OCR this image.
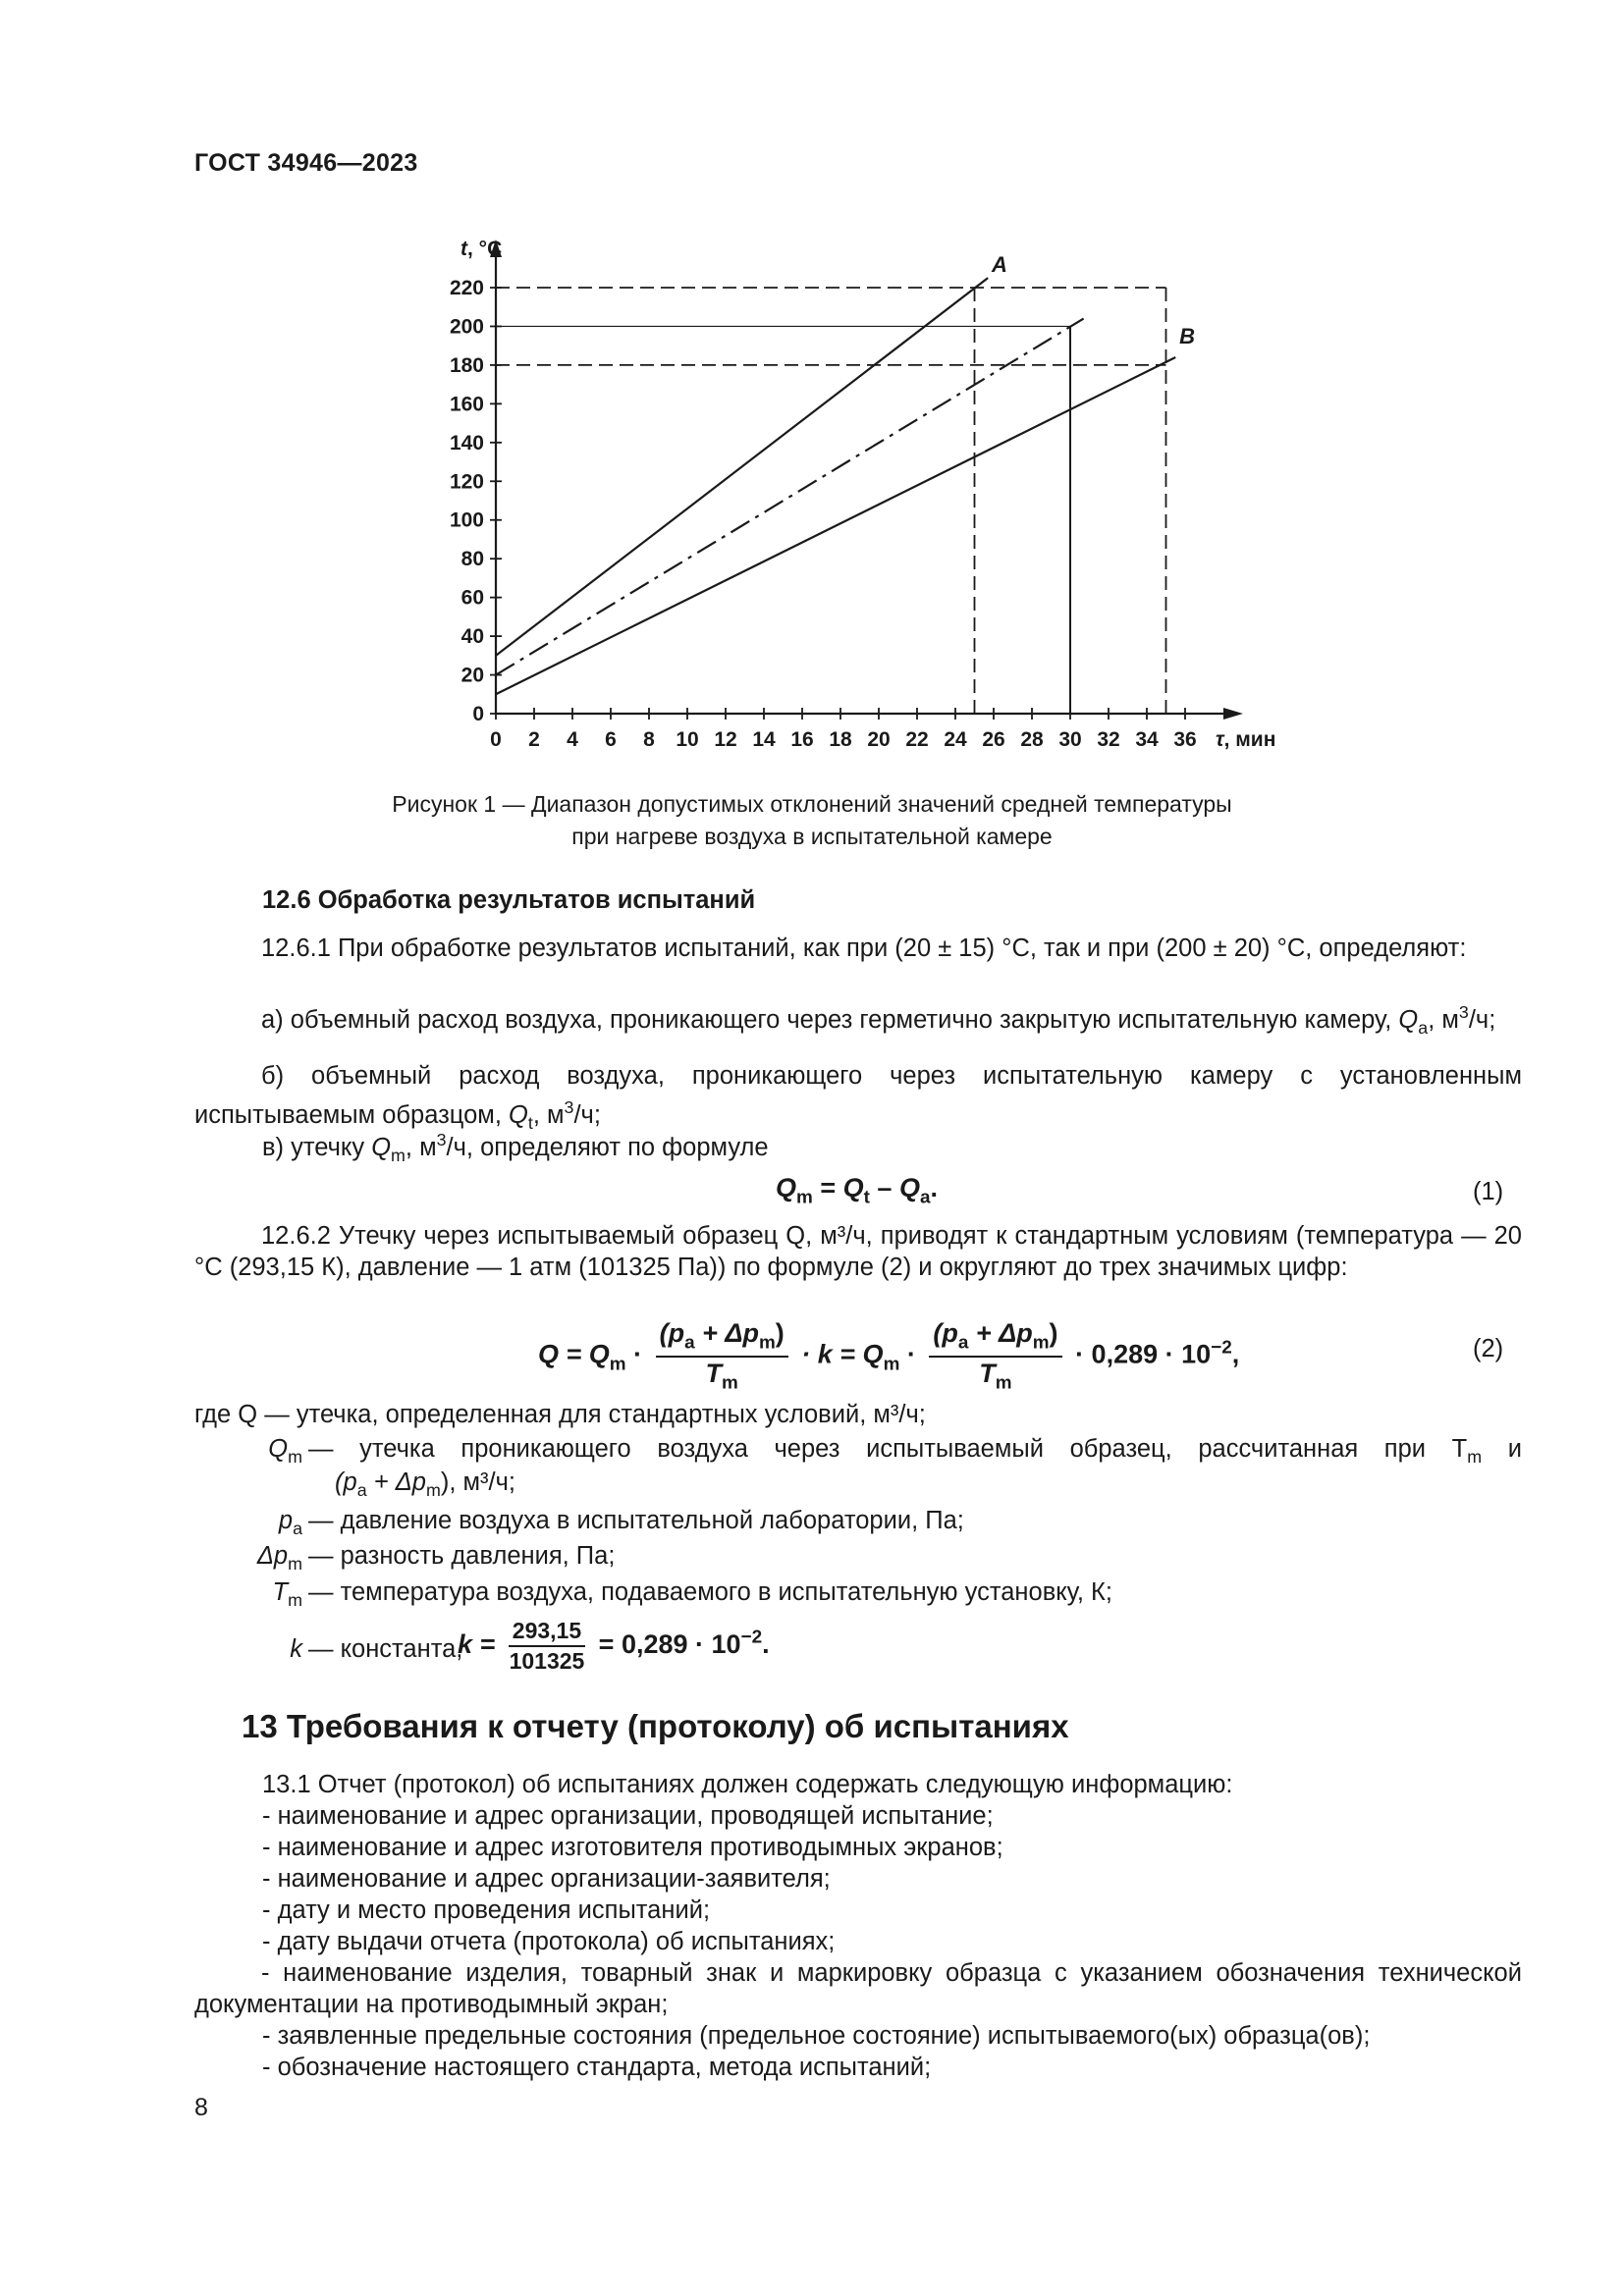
ГОСТ 34946—2023
0
20
40
60
80
100
120
140
160
180
200
220
0 2 4 6 8 10 12 14 16 18 20 22 24 26 28 30 32 34 36
t, °С
τ, мин
A
B
Рисунок 1 — Диапазон допустимых отклонений значений средней температуры
при нагреве воздуха в испытательной камере
12.6 Обработка результатов испытаний
12.6.1 При обработке результатов испытаний, как при (20 ± 15) °С, так и при (200 ± 20) °С, определяют:
а) объемный расход воздуха, проникающего через герметично закрытую испытательную камеру, $Q_a$, $м^3/ч$;
б) объемный расход воздуха, проникающего через испытательную камеру с установленным испытываемым образцом, $Q_t$, $м^3/ч$;
в) утечку $Q_m$, $м^3/ч$, определяют по формуле
$Q_m = Q_t - Q_a$.	(1)
12.6.2 Утечку через испытываемый образец Q, м³/ч, приводят к стандартным условиям (температура — 20 °С (293,15 К), давление — 1 атм (101325 Па)) по формуле (2) и округляют до трех значимых цифр:
$Q = Q_m \cdot \frac{(p_a + \Delta p_m)}{T_m} \cdot k = Q_m \cdot \frac{(p_a + \Delta p_m)}{T_m} \cdot 0,289 \cdot 10^{-2}$,	(2)
где Q — утечка, определенная для стандартных условий, м³/ч;
$Q_m$ — утечка проникающего воздуха через испытываемый образец, рассчитанная при $T_m$ и
$(p_a + \Delta p_m)$, м³/ч;
$p_a$ — давление воздуха в испытательной лаборатории, Па;
$\Delta p_m$ — разность давления, Па;
$T_m$ — температура воздуха, подаваемого в испытательную установку, К;
k — константа,
$k = \frac{293,15}{101325} = 0,289 \cdot 10^{-2}$.
13 Требования к отчету (протоколу) об испытаниях
13.1 Отчет (протокол) об испытаниях должен содержать следующую информацию:
- наименование и адрес организации, проводящей испытание;
- наименование и адрес изготовителя противодымных экранов;
- наименование и адрес организации-заявителя;
- дату и место проведения испытаний;
- дату выдачи отчета (протокола) об испытаниях;
- наименование изделия, товарный знак и маркировку образца с указанием обозначения технической документации на противодымный экран;
- заявленные предельные состояния (предельное состояние) испытываемого(ых) образца(ов);
- обозначение настоящего стандарта, метода испытаний;
8
